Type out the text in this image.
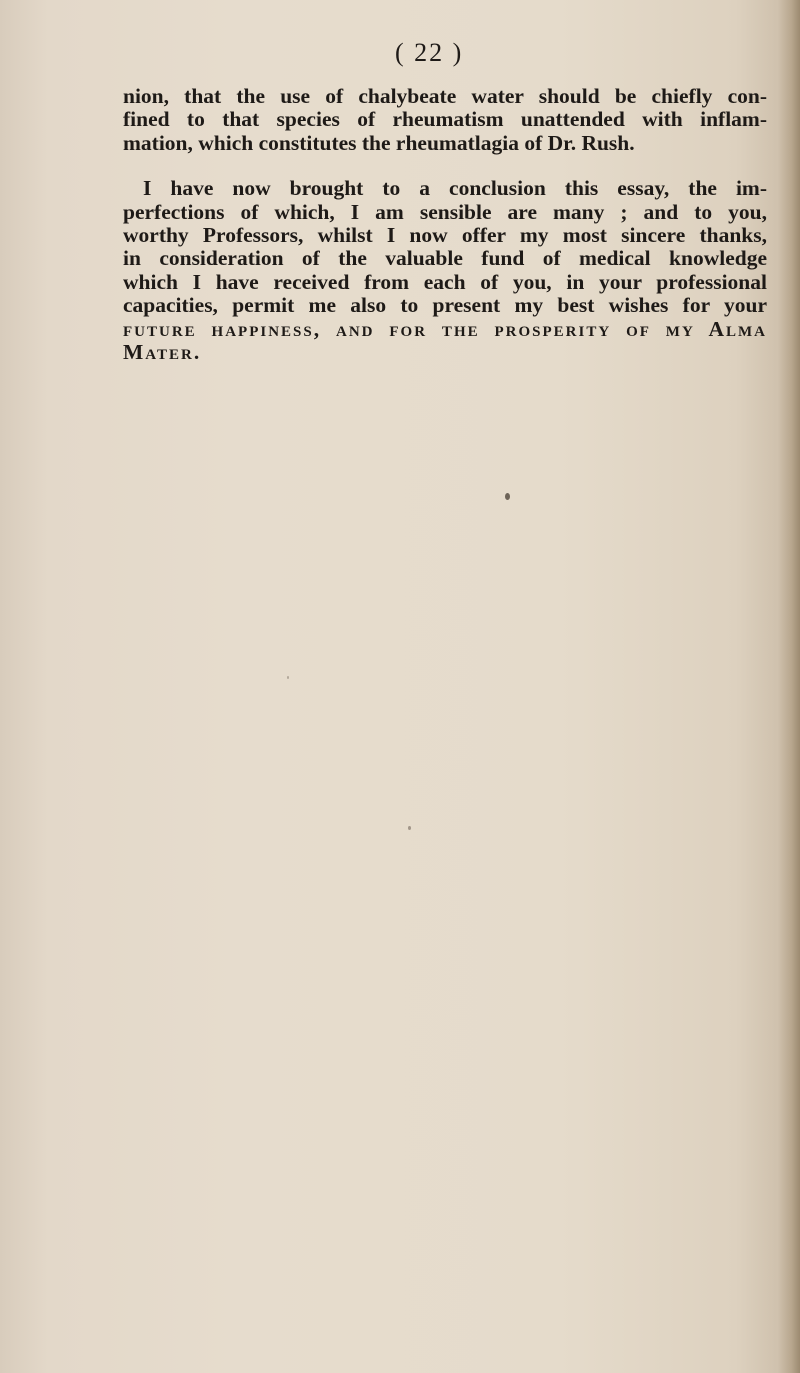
( 22 )
nion, that the use of chalybeate water should be chiefly con-
fined to that species of rheumatism unattended with inflam-
mation, which constitutes the rheumatlagia of Dr. Rush.
I have now brought to a conclusion this essay, the im-
perfections of which, I am sensible are many ; and to you,
worthy Professors, whilst I now offer my most sincere thanks,
in consideration of the valuable fund of medical knowledge
which I have received from each of you, in your professional
capacities, permit me also to present my best wishes for your
future happiness, and for the prosperity of my Alma
Mater.
